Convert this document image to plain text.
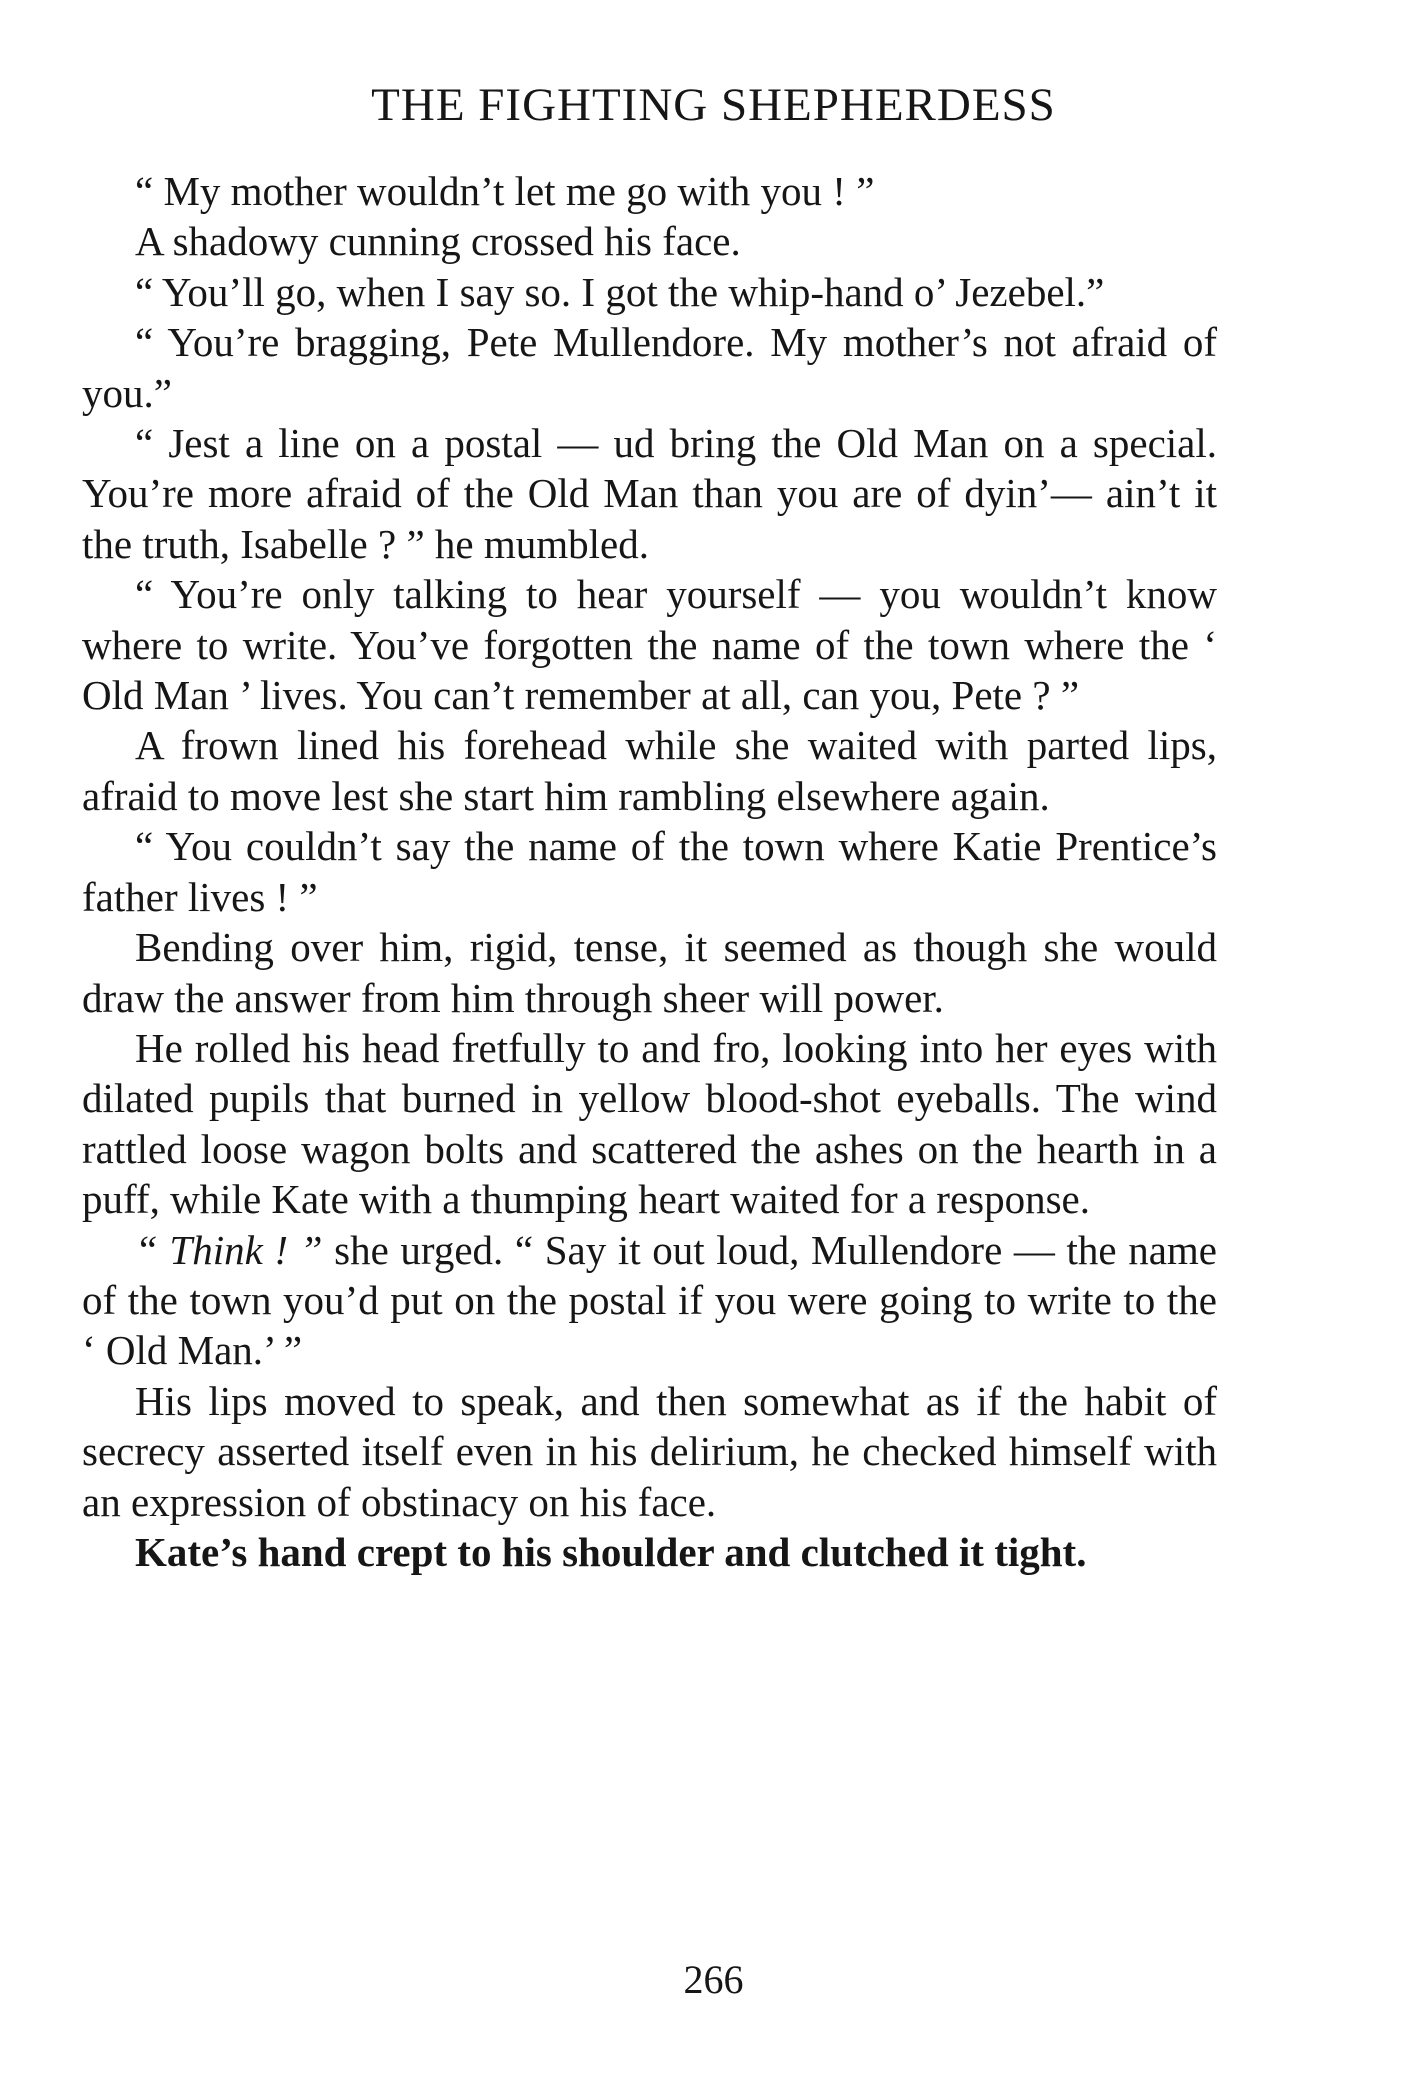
THE FIGHTING SHEPHERDESS

“ My mother wouldn’t let me go with you ! ”

A shadowy cunning crossed his face.

“ You’ll go, when I say so. I got the whip-hand o’ Jezebel.”

“ You’re bragging, Pete Mullendore. My mother’s not afraid of you.”

“ Jest a line on a postal — ud bring the Old Man on a special. You’re more afraid of the Old Man than you are of dyin’— ain’t it the truth, Isabelle ? ” he mumbled.

“ You’re only talking to hear yourself — you wouldn’t know where to write. You’ve forgotten the name of the town where the ‘ Old Man ’ lives. You can’t remember at all, can you, Pete ? ”

A frown lined his forehead while she waited with parted lips, afraid to move lest she start him rambling elsewhere again.

“ You couldn’t say the name of the town where Katie Prentice’s father lives ! ”

Bending over him, rigid, tense, it seemed as though she would draw the answer from him through sheer will power.

He rolled his head fretfully to and fro, looking into her eyes with dilated pupils that burned in yellow blood-shot eyeballs. The wind rattled loose wagon bolts and scattered the ashes on the hearth in a puff, while Kate with a thumping heart waited for a response.

“ Think ! ” she urged. “ Say it out loud, Mullendore — the name of the town you’d put on the postal if you were going to write to the ‘ Old Man.’ ”

His lips moved to speak, and then somewhat as if the habit of secrecy asserted itself even in his delirium, he checked himself with an expression of obstinacy on his face.

Kate’s hand crept to his shoulder and clutched it tight.

266
